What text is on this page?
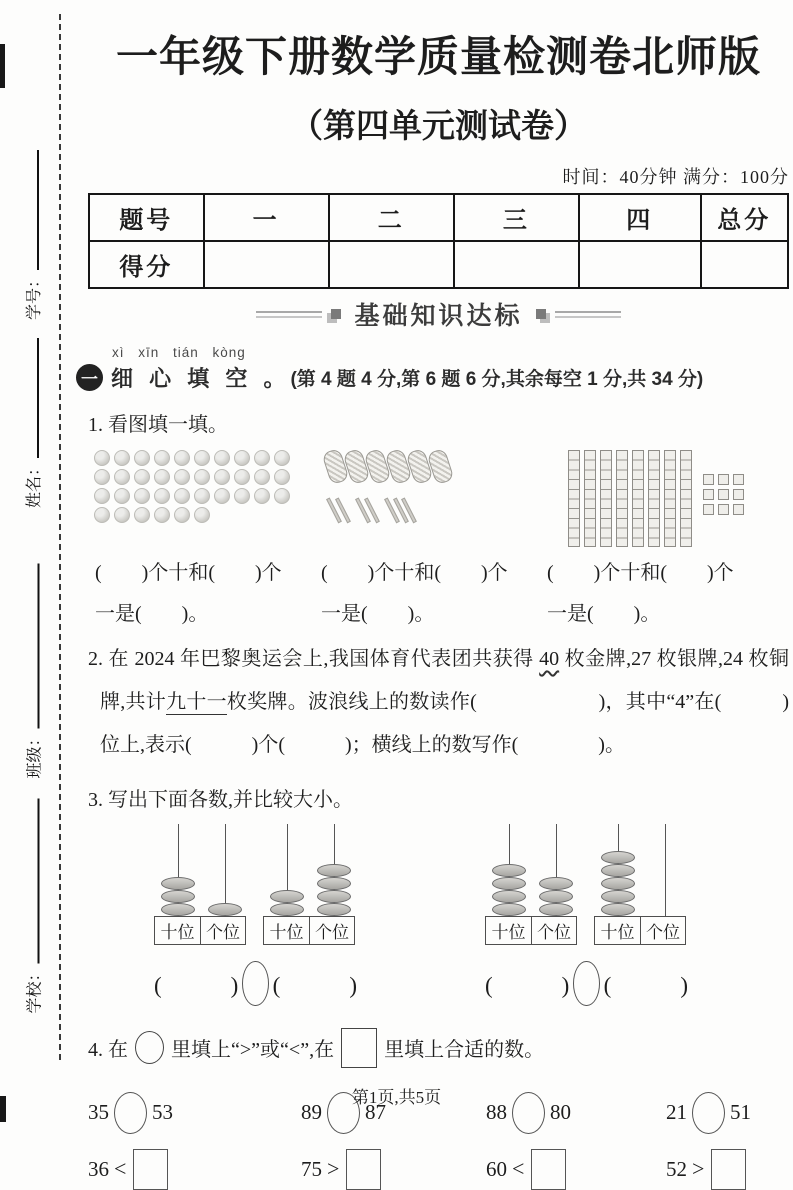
学号：
姓名：
班级：
学校：
一年级下册数学质量检测卷北师版
（第四单元测试卷）
时间：40分钟 满分：100分
题号	一	二	三	四	总分
得分					
基础知识达标
xì xīn tián kòng
一 细 心 填 空 。 (第 4 题 4 分,第 6 题 6 分,其余每空 1 分,共 34 分)
1. 看图填一填。
(　　)个十和(　　)个
一是(　　)。
(　　)个十和(　　)个
一是(　　)。
(　　)个十和(　　)个
一是(　　)。

2. 在 2024 年巴黎奥运会上,我国体育代表团共获得 40 枚金牌,27 枚银牌,24 枚铜牌,共计九十一枚奖牌。波浪线上的数读作(　　　　　　)，其中“4”在(　　　)位上,表示(　　　)个(　　　)；横线上的数写作(　　　　)。

3. 写出下面各数,并比较大小。
十位 个位	十位 个位	十位 个位	十位 个位
(　　　) (　　　)	(　　　) (　　　)
4. 在 里填上“>”或“<”,在	里填上合适的数。
35 53	89 87	88 80	21 51
36 <	75 >	60 <	52 >
第1页,共5页
